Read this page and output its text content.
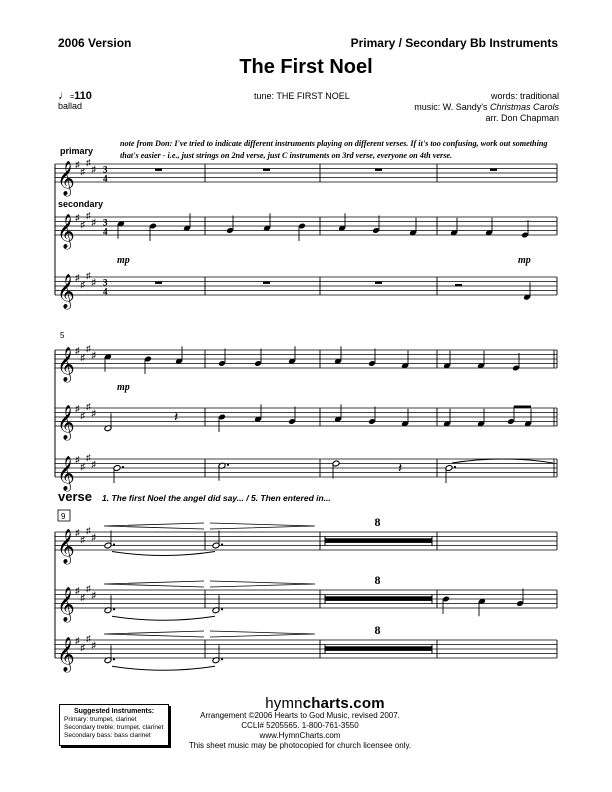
2006 Version	Primary / Secondary Bb Instruments
The First Noel
♩=110
ballad
tune: THE FIRST NOEL	words: traditional
music: W. Sandy's Christmas Carols
arr. Don Chapman
note from Don: I've tried to indicate different instruments playing on different verses. If it's too confusing, work out something that's easier - i.e., just strings on 2nd verse, just C instruments on 3rd verse, everyone on 4th verse.
primary
secondary
verse 1. The first Noel the angel did say... / 5. Then entered in...
Suggested Instruments:
Primary: trumpet, clarinet
Secondary treble: trumpet, clarinet
Secondary bass: bass clarinet
hymncharts.com
Arrangement ©2006 Hearts to God Music, revised 2007.
CCLI# 5205565. 1-800-761-3550
www.HymnCharts.com
This sheet music may be photocopied for church licensee only.
𝄞 ♯
♯
♯
♯
𝄞 ♯
♯
♯
♯
𝄞 ♯
♯
♯
♯
3
4
3
4
3
4
mp	mp
5
𝄞 ♯
♯
♯
♯
𝄞 ♯
♯
♯
♯
𝄞 ♯
♯
♯
♯
mp
𝄽
𝄽
9
𝄞 ♯
♯
♯
♯
𝄞 ♯
♯
♯
♯
𝄞 ♯
♯
♯
♯
8
8
8
